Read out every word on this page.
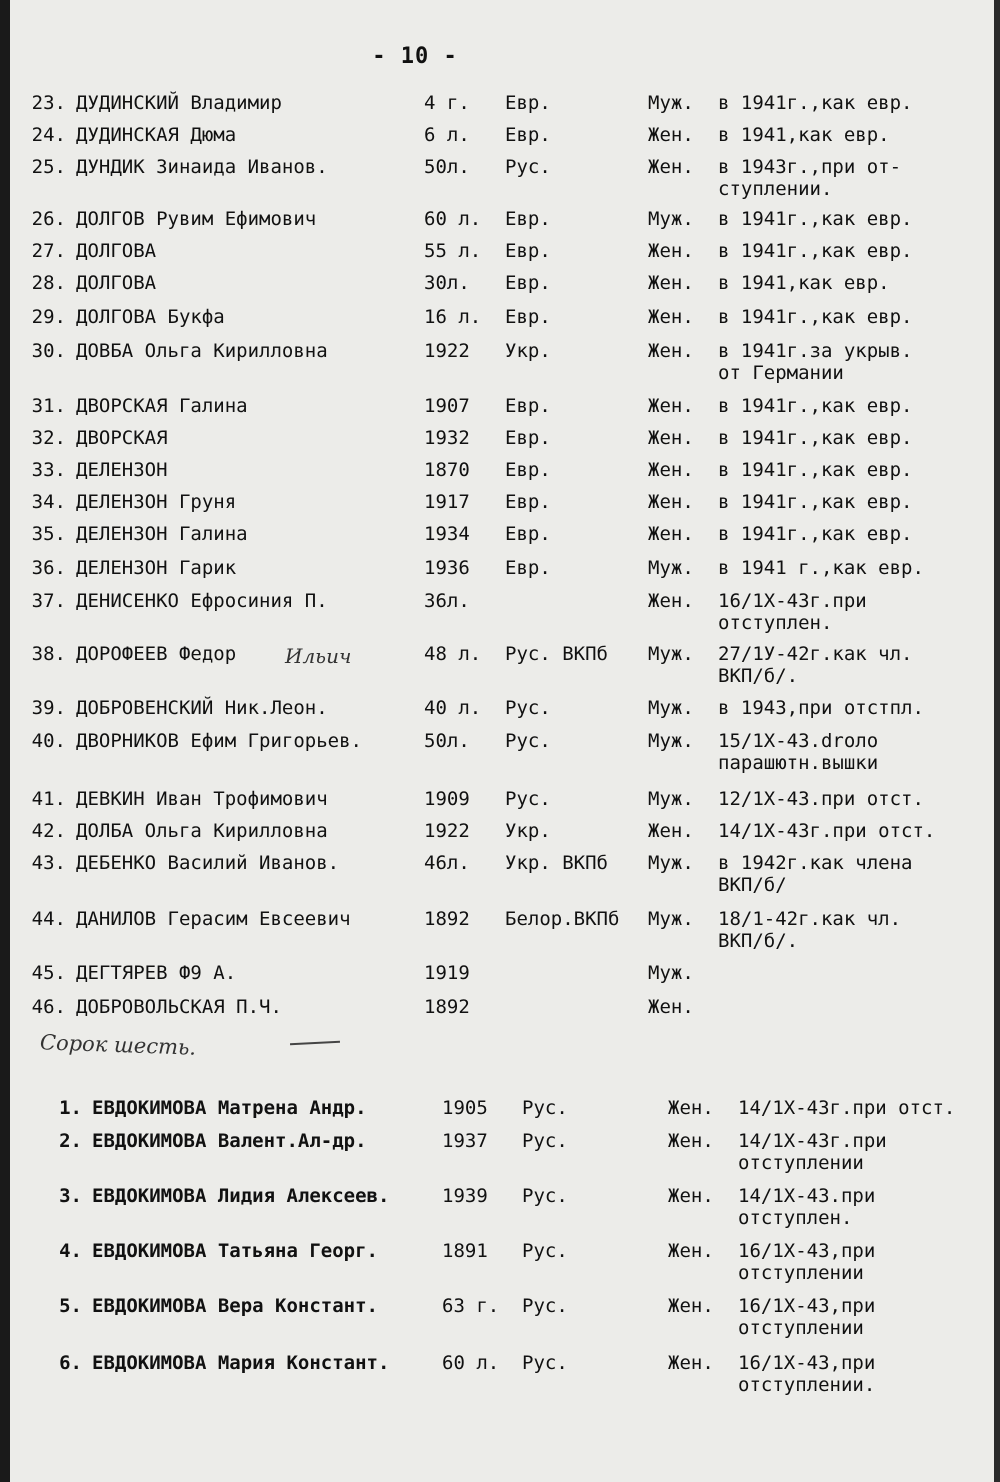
- 10 -
23. ДУДИНСКИЙ Владимир	4 г. Евр.	Муж. в 1941г.,как евр.
24. ДУДИНСКАЯ Дюма	6 л. Евр.	Жен. в 1941,как евр.
25. ДУНДИК Зинаида Иванов.	50л. Рус.	Жен. в 1943г.,при от-
ступлении.
26. ДОЛГОВ Рувим Ефимович	60 л. Евр.	Муж. в 1941г.,как евр.
27. ДОЛГОВА	55 л. Евр.	Жен. в 1941г.,как евр.
28. ДОЛГОВА	30л. Евр.	Жен. в 1941,как евр.
29. ДОЛГОВА Букфа	16 л. Евр.	Жен. в 1941г.,как евр.
30. ДОВБА Ольга Кирилловна	1922 Укр.	Жен. в 1941г.за укрыв.
от Германии
31. ДВОРСКАЯ Галина	1907 Евр.	Жен. в 1941г.,как евр.
32. ДВОРСКАЯ	1932 Евр.	Жен. в 1941г.,как евр.
33. ДЕЛЕНЗОН	1870 Евр.	Жен. в 1941г.,как евр.
34. ДЕЛЕНЗОН Груня	1917 Евр.	Жен. в 1941г.,как евр.
35. ДЕЛЕНЗОН Галина	1934 Евр.	Жен. в 1941г.,как евр.
36. ДЕЛЕНЗОН Гарик	1936 Евр.	Муж. в 1941 г.,как евр.
37. ДЕНИСЕНКО Ефросиния П.	36л.	Жен. 16/1Х-43г.при
отступлен.
38. ДОРОФЕЕВ Федор	48 л. Рус. ВКПб Муж. 27/1У-42г.как чл.
ВКП/б/.
39. ДОБРОВЕНСКИЙ Ник.Леон.	40 л. Рус.	Муж. в 1943,при отстпл.
40. ДВОРНИКОВ Ефим Григорьев.	50л. Рус.	Муж. 15/1Х-43.droло
парашютн.вышки
41. ДЕВКИН Иван Трофимович	1909 Рус.	Муж. 12/1Х-43.при отст.
42. ДОЛБА Ольга Кирилловна	1922 Укр.	Жен. 14/1Х-43г.при отст.
43. ДЕБЕНКО Василий Иванов.	46л. Укр. ВКПб Муж. в 1942г.как члена
ВКП/б/
44. ДАНИЛОВ Герасим Евсеевич	1892 Белор.ВКПб Муж. 18/1-42г.как чл.
ВКП/б/.
45. ДЕГТЯРЕВ Ф9 А.	1919	Муж.
46. ДОБРОВОЛЬСКАЯ П.Ч.	1892	Жен.
Ильич
Сорок шесть.
1. ЕВДОКИМОВА Матрена Андр.	1905 Рус.	Жен. 14/1Х-43г.при отст.
2. ЕВДОКИМОВА Валент.Ал-др.	1937 Рус.	Жен. 14/1Х-43г.при
отступлении
3. ЕВДОКИМОВА Лидия Алексеев.	1939 Рус.	Жен. 14/1Х-43.при
отступлен.
4. ЕВДОКИМОВА Татьяна Георг.	1891 Рус.	Жен. 16/1Х-43,при
отступлении
5. ЕВДОКИМОВА Вера Констант.	63 г. Рус.	Жен. 16/1Х-43,при
отступлении
6. ЕВДОКИМОВА Мария Констант.	60 л. Рус.	Жен. 16/1Х-43,при
отступлении.
